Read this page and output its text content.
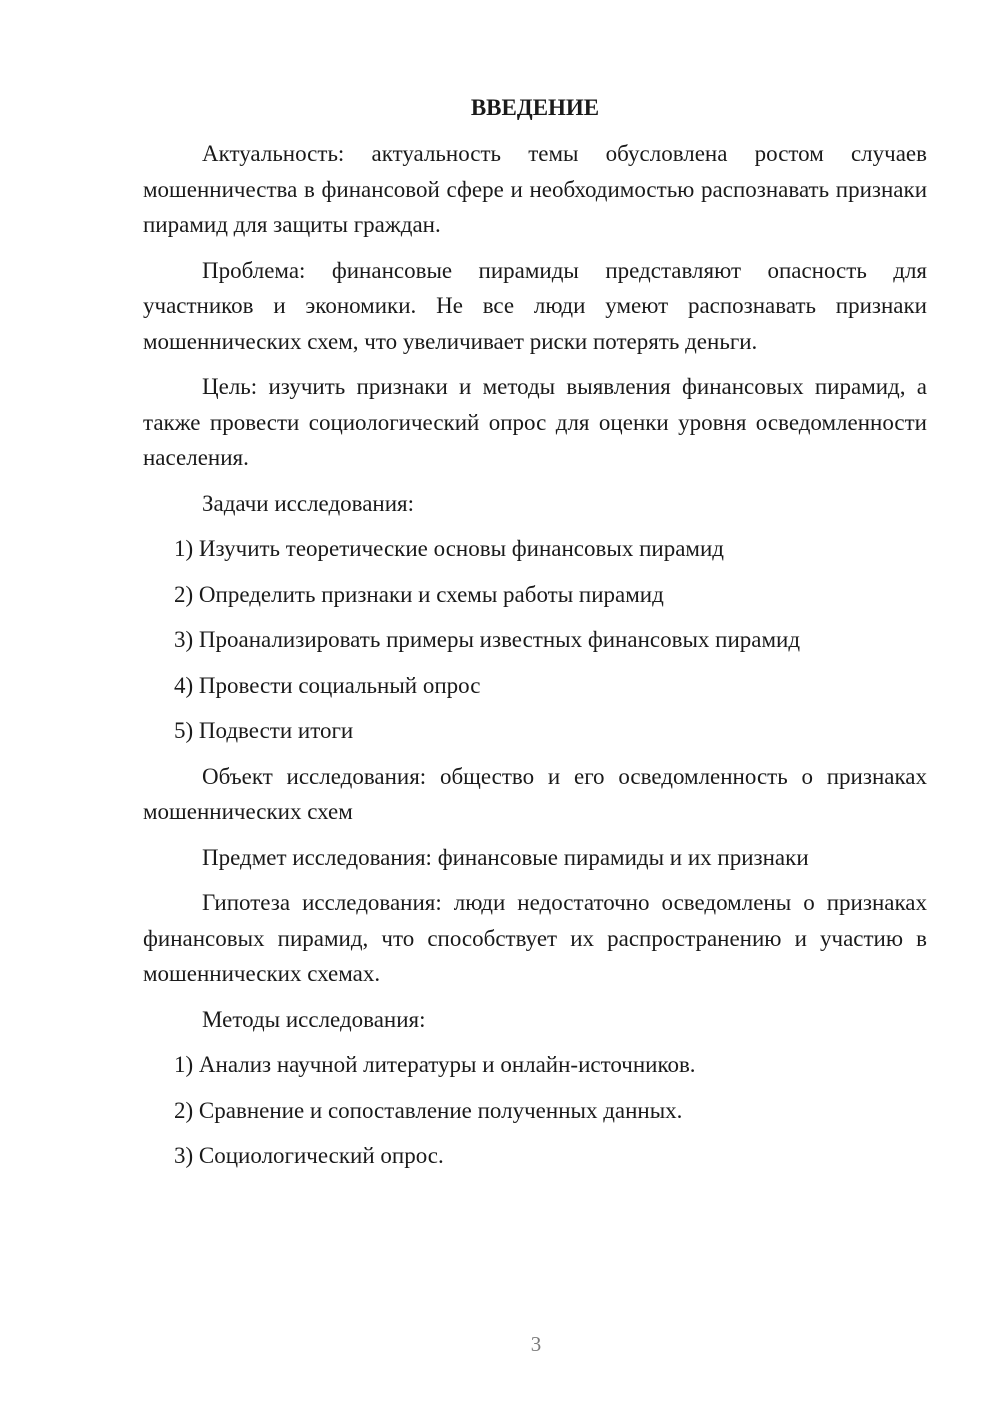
ВВЕДЕНИЕ

Актуальность: актуальность темы обусловлена ростом случаев мошенничества в финансовой сфере и необходимостью распознавать признаки пирамид для защиты граждан.

Проблема: финансовые пирамиды представляют опасность для участников и экономики. Не все люди умеют распознавать признаки мошеннических схем, что увеличивает риски потерять деньги.

Цель: изучить признаки и методы выявления финансовых пирамид, а также провести социологический опрос для оценки уровня осведомленности населения.

Задачи исследования:

1) Изучить теоретические основы финансовых пирамид
2) Определить признаки и схемы работы пирамид
3) Проанализировать примеры известных финансовых пирамид
4) Провести социальный опрос
5) Подвести итоги

Объект исследования: общество и его осведомленность о признаках мошеннических схем

Предмет исследования: финансовые пирамиды и их признаки

Гипотеза исследования: люди недостаточно осведомлены о признаках финансовых пирамид, что способствует их распространению и участию в мошеннических схемах.

Методы исследования:

1) Анализ научной литературы и онлайн-источников.
2) Сравнение и сопоставление полученных данных.
3) Социологический опрос.
3
